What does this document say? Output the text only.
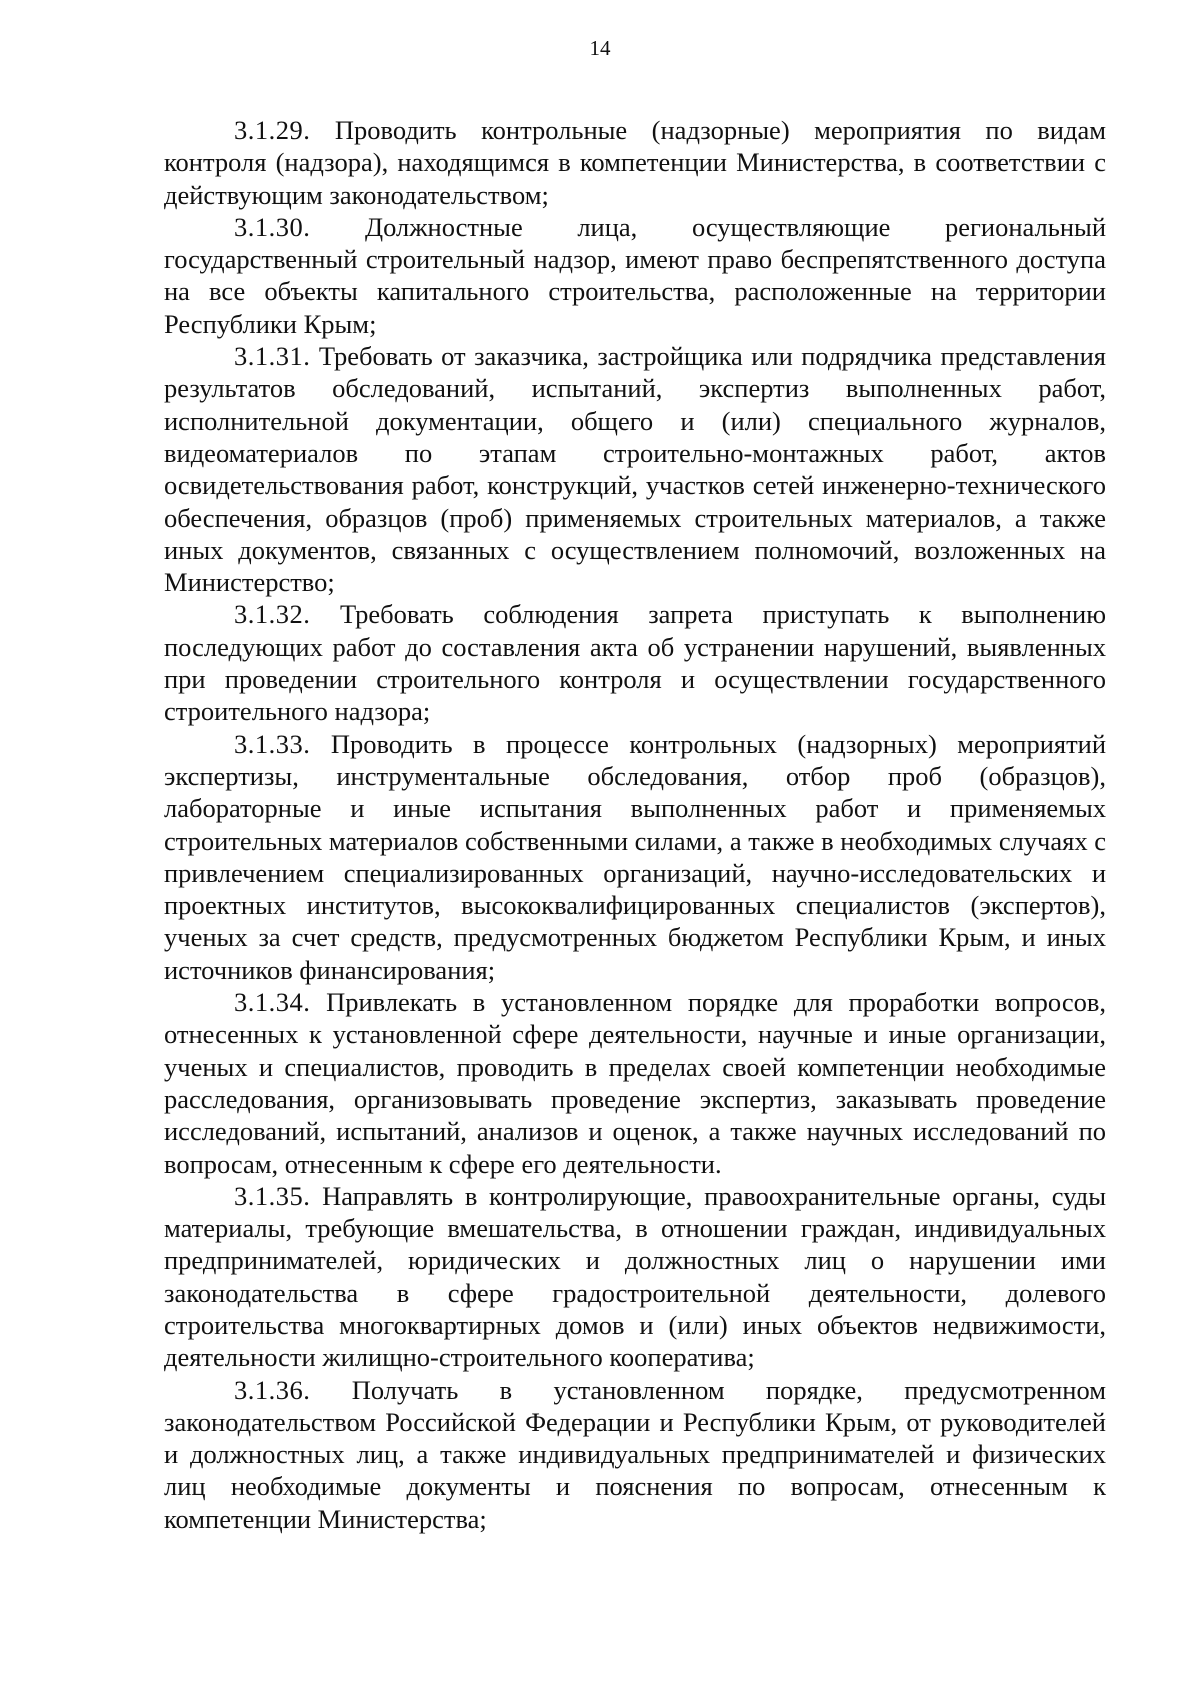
14

3.1.29. Проводить контрольные (надзорные) мероприятия по видам контроля (надзора), находящимся в компетенции Министерства, в соответствии с действующим законодательством;

3.1.30. Должностные лица, осуществляющие региональный государственный строительный надзор, имеют право беспрепятственного доступа на все объекты капитального строительства, расположенные на территории Республики Крым;

3.1.31. Требовать от заказчика, застройщика или подрядчика представления результатов обследований, испытаний, экспертиз выполненных работ, исполнительной документации, общего и (или) специального журналов, видеоматериалов по этапам строительно-монтажных работ, актов освидетельствования работ, конструкций, участков сетей инженерно-технического обеспечения, образцов (проб) применяемых строительных материалов, а также иных документов, связанных с осуществлением полномочий, возложенных на Министерство;

3.1.32. Требовать соблюдения запрета приступать к выполнению последующих работ до составления акта об устранении нарушений, выявленных при проведении строительного контроля и осуществлении государственного строительного надзора;

3.1.33. Проводить в процессе контрольных (надзорных) мероприятий экспертизы, инструментальные обследования, отбор проб (образцов), лабораторные и иные испытания выполненных работ и применяемых строительных материалов собственными силами, а также в необходимых случаях с привлечением специализированных организаций, научно-исследовательских и проектных институтов, высококвалифицированных специалистов (экспертов), ученых за счет средств, предусмотренных бюджетом Республики Крым, и иных источников финансирования;

3.1.34. Привлекать в установленном порядке для проработки вопросов, отнесенных к установленной сфере деятельности, научные и иные организации, ученых и специалистов, проводить в пределах своей компетенции необходимые расследования, организовывать проведение экспертиз, заказывать проведение исследований, испытаний, анализов и оценок, а также научных исследований по вопросам, отнесенным к сфере его деятельности.

3.1.35. Направлять в контролирующие, правоохранительные органы, суды материалы, требующие вмешательства, в отношении граждан, индивидуальных предпринимателей, юридических и должностных лиц о нарушении ими законодательства в сфере градостроительной деятельности, долевого строительства многоквартирных домов и (или) иных объектов недвижимости, деятельности жилищно-строительного кооператива;

3.1.36. Получать в установленном порядке, предусмотренном законодательством Российской Федерации и Республики Крым, от руководителей и должностных лиц, а также индивидуальных предпринимателей и физических лиц необходимые документы и пояснения по вопросам, отнесенным к компетенции Министерства;
